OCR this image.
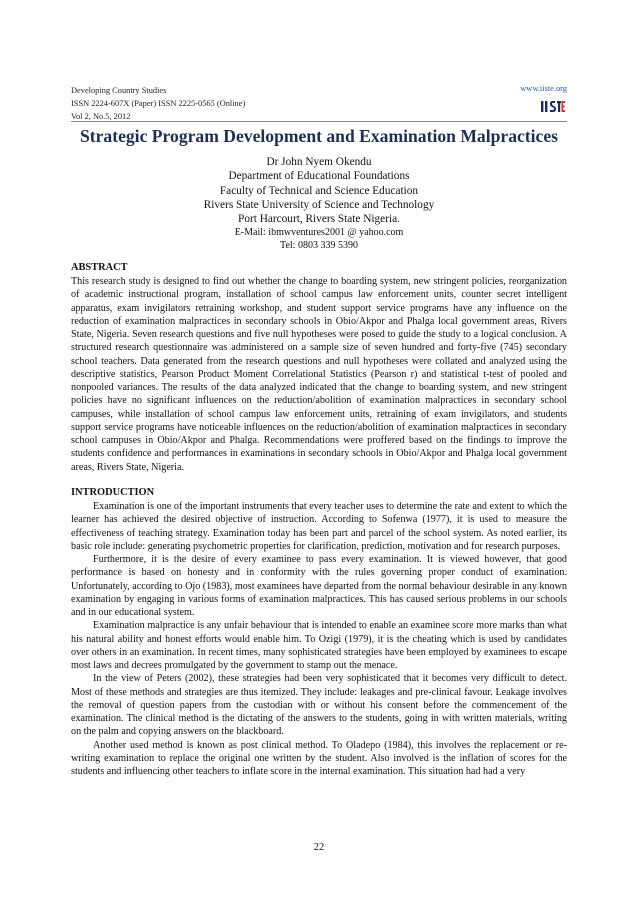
Developing Country Studies
ISSN 2224-607X (Paper) ISSN 2225-0565 (Online)
Vol 2, No.5, 2012
www.iiste.org
Strategic Program Development and Examination Malpractices
Dr John Nyem Okendu
Department of Educational Foundations
Faculty of Technical and Science Education
Rivers State University of Science and Technology
Port Harcourt, Rivers State Nigeria.
E-Mail: ibmwventures2001 @ yahoo.com
Tel: 0803 339 5390
ABSTRACT
This research study is designed to find out whether the change to boarding system, new stringent policies, reorganization of academic instructional program, installation of school campus law enforcement units, counter secret intelligent apparatus, exam invigilators retraining workshop, and student support service programs have any influence on the reduction of examination malpractices in secondary schools in Obio/Akpor and Phalga local government areas, Rivers State, Nigeria. Seven research questions and five null hypotheses were posed to guide the study to a logical conclusion. A structured research questionnaire was administered on a sample size of seven hundred and forty-five (745) secondary school teachers. Data generated from the research questions and null hypotheses were collated and analyzed using the descriptive statistics, Pearson Product Moment Correlational Statistics (Pearson r) and statistical t-test of pooled and nonpooled variances. The results of the data analyzed indicated that the change to boarding system, and new stringent policies have no significant influences on the reduction/abolition of examination malpractices in secondary school campuses, while installation of school campus law enforcement units, retraining of exam invigilators, and students support service programs have noticeable influences on the reduction/abolition of examination malpractices in secondary school campuses in Obio/Akpor and Phalga. Recommendations were proffered based on the findings to improve the students confidence and performances in examinations in secondary schools in Obio/Akpor and Phalga local government areas, Rivers State, Nigeria.
INTRODUCTION
Examination is one of the important instruments that every teacher uses to determine the rate and extent to which the learner has achieved the desired objective of instruction. According to Sofenwa (1977), it is used to measure the effectiveness of teaching strategy. Examination today has been part and parcel of the school system. As noted earlier, its basic role include: generating psychometric properties for clarification, prediction, motivation and for research purposes.
Furthermore, it is the desire of every examinee to pass every examination. It is viewed however, that good performance is based on honesty and in conformity with the rules governing proper conduct of examination. Unfortunately, according to Ojo (1983), most examinees have departed from the normal behaviour desirable in any known examination by engaging in various forms of examination malpractices. This has caused serious problems in our schools and in our educational system.
Examination malpractice is any unfair behaviour that is intended to enable an examinee score more marks than what his natural ability and honest efforts would enable him. To Ozigi (1979), it is the cheating which is used by candidates over others in an examination. In recent times, many sophisticated strategies have been employed by examinees to escape most laws and decrees promulgated by the government to stamp out the menace.
In the view of Peters (2002), these strategies had been very sophisticated that it becomes very difficult to detect. Most of these methods and strategies are thus itemized. They include: leakages and pre-clinical favour. Leakage involves the removal of question papers from the custodian with or without his consent before the commencement of the examination. The clinical method is the dictating of the answers to the students, going in with written materials, writing on the palm and copying answers on the blackboard.
Another used method is known as post clinical method. To Oladepo (1984), this involves the replacement or re-writing examination to replace the original one written by the student. Also involved is the inflation of scores for the students and influencing other teachers to inflate score in the internal examination. This situation had had a very
22
